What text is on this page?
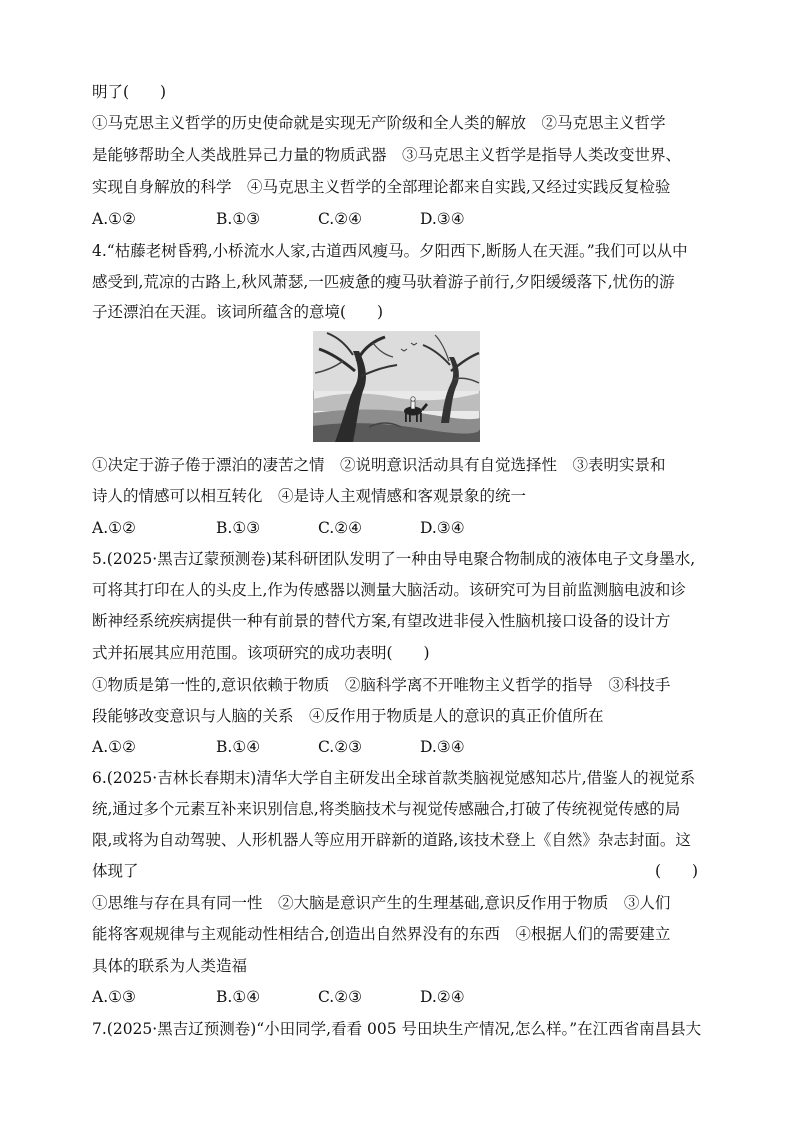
明了(　　)
①马克思主义哲学的历史使命就是实现无产阶级和全人类的解放　②马克思主义哲学
是能够帮助全人类战胜异己力量的物质武器　③马克思主义哲学是指导人类改变世界、
实现自身解放的科学　④马克思主义哲学的全部理论都来自实践,又经过实践反复检验
A.①②	B.①③	C.②④	D.③④
4.“枯藤老树昏鸦,小桥流水人家,古道西风瘦马。夕阳西下,断肠人在天涯。”我们可以从中
感受到,荒凉的古路上,秋风萧瑟,一匹疲惫的瘦马驮着游子前行,夕阳缓缓落下,忧伤的游
子还漂泊在天涯。该词所蕴含的意境(　　)
①决定于游子倦于漂泊的凄苦之情　②说明意识活动具有自觉选择性　③表明实景和
诗人的情感可以相互转化　④是诗人主观情感和客观景象的统一
A.①②	B.①③	C.②④	D.③④
5.(2025·黑吉辽蒙预测卷)某科研团队发明了一种由导电聚合物制成的液体电子文身墨水,
可将其打印在人的头皮上,作为传感器以测量大脑活动。该研究可为目前监测脑电波和诊
断神经系统疾病提供一种有前景的替代方案,有望改进非侵入性脑机接口设备的设计方
式并拓展其应用范围。该项研究的成功表明(　　)
①物质是第一性的,意识依赖于物质　②脑科学离不开唯物主义哲学的指导　③科技手
段能够改变意识与人脑的关系　④反作用于物质是人的意识的真正价值所在
A.①②	B.①④	C.②③	D.③④
6.(2025·吉林长春期末)清华大学自主研发出全球首款类脑视觉感知芯片,借鉴人的视觉系
统,通过多个元素互补来识别信息,将类脑技术与视觉传感融合,打破了传统视觉传感的局
限,或将为自动驾驶、人形机器人等应用开辟新的道路,该技术登上《自然》杂志封面。这
体现了	(　　)
①思维与存在具有同一性　②大脑是意识产生的生理基础,意识反作用于物质　③人们
能将客观规律与主观能动性相结合,创造出自然界没有的东西　④根据人们的需要建立
具体的联系为人类造福
A.①③	B.①④	C.②③	D.②④
7.(2025·黑吉辽预测卷)“小田同学,看看 005 号田块生产情况,怎么样。”在江西省南昌县大
